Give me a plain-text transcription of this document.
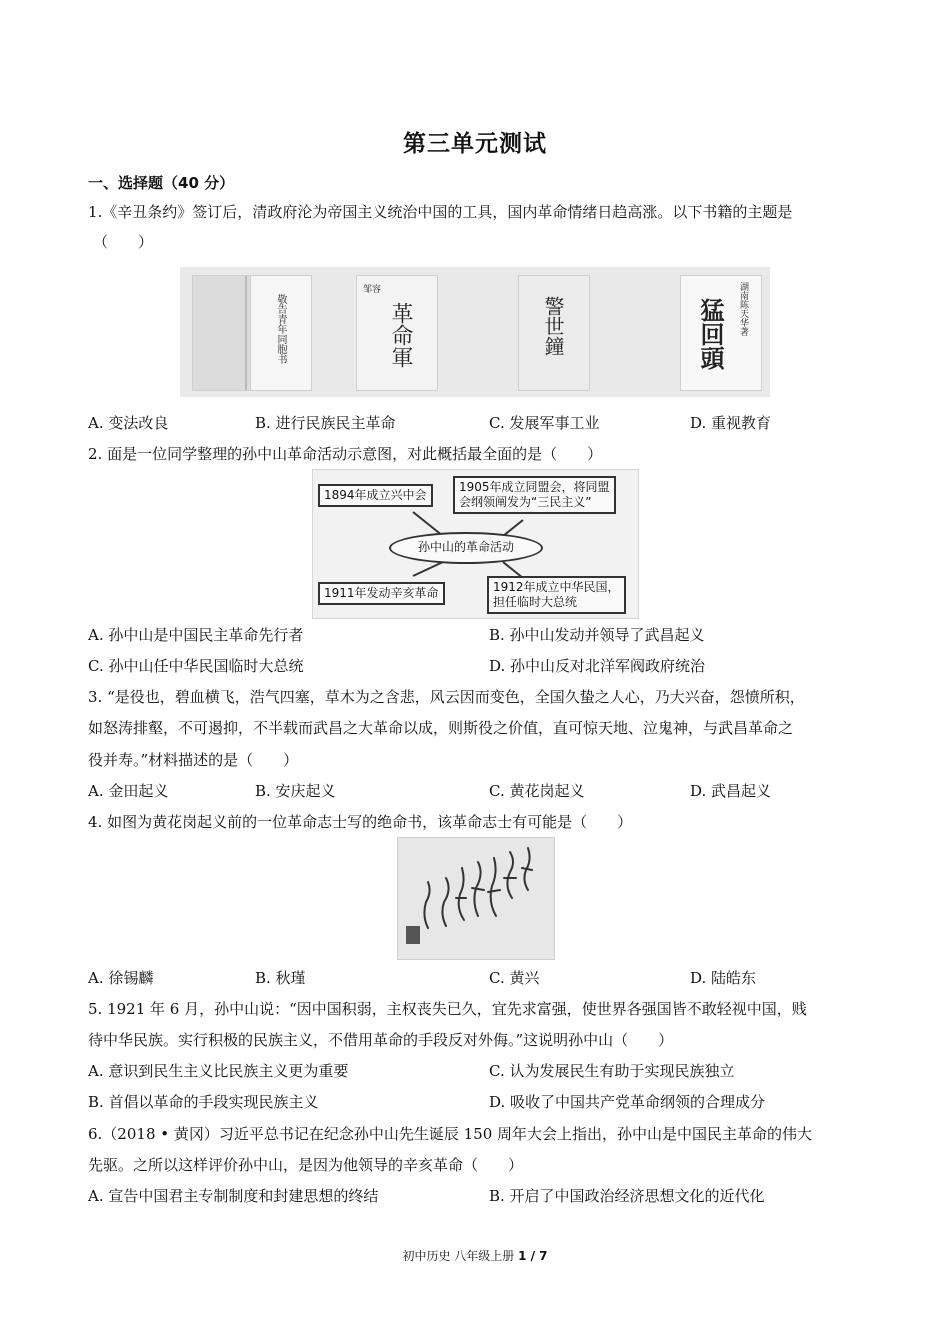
第三单元测试
一、选择题（40 分）
1.《辛丑条约》签订后，清政府沦为帝国主义统治中国的工具，国内革命情绪日趋高涨。以下书籍的主题是
（　　）
敬告青年同胞书
邹容
革命軍	警世鐘	猛回頭	湖南陈天华著
A. 变法改良	B. 进行民族民主革命	C. 发展军事工业	D. 重视教育
2. 面是一位同学整理的孙中山革命活动示意图，对此概括最全面的是（　　）
1894年成立兴中会
1905年成立同盟会，将同盟
会纲领阐发为“三民主义”
孙中山的革命活动
1911年发动辛亥革命	1912年成立中华民国，
担任临时大总统
A. 孙中山是中国民主革命先行者	B. 孙中山发动并领导了武昌起义
C. 孙中山任中华民国临时大总统	D. 孙中山反对北洋军阀政府统治
3. “是役也，碧血横飞，浩气四塞，草木为之含悲，风云因而变色，全国久蛰之人心，乃大兴奋，怨愤所积，
如怒涛排壑，不可遏抑，不半载而武昌之大革命以成，则斯役之价值，直可惊天地、泣鬼神，与武昌革命之
役并寿。”材料描述的是（　　）
A. 金田起义	B. 安庆起义	C. 黄花岗起义	D. 武昌起义
4. 如图为黄花岗起义前的一位革命志士写的绝命书，该革命志士有可能是（　　）
A. 徐锡麟	B. 秋瑾	C. 黄兴	D. 陆皓东
5. 1921 年 6 月，孙中山说：“因中国积弱，主权丧失已久，宜先求富强，使世界各强国皆不敢轻视中国，贱
待中华民族。实行积极的民族主义，不借用革命的手段反对外侮。”这说明孙中山（　　）
A. 意识到民生主义比民族主义更为重要	C. 认为发展民生有助于实现民族独立
B. 首倡以革命的手段实现民族主义	D. 吸收了中国共产党革命纲领的合理成分
6.（2018 • 黄冈）习近平总书记在纪念孙中山先生诞辰 150 周年大会上指出，孙中山是中国民主革命的伟大
先驱。之所以这样评价孙中山，是因为他领导的辛亥革命（　　）
A. 宣告中国君主专制制度和封建思想的终结	B. 开启了中国政治经济思想文化的近代化
初中历史 八年级上册 1 / 7
